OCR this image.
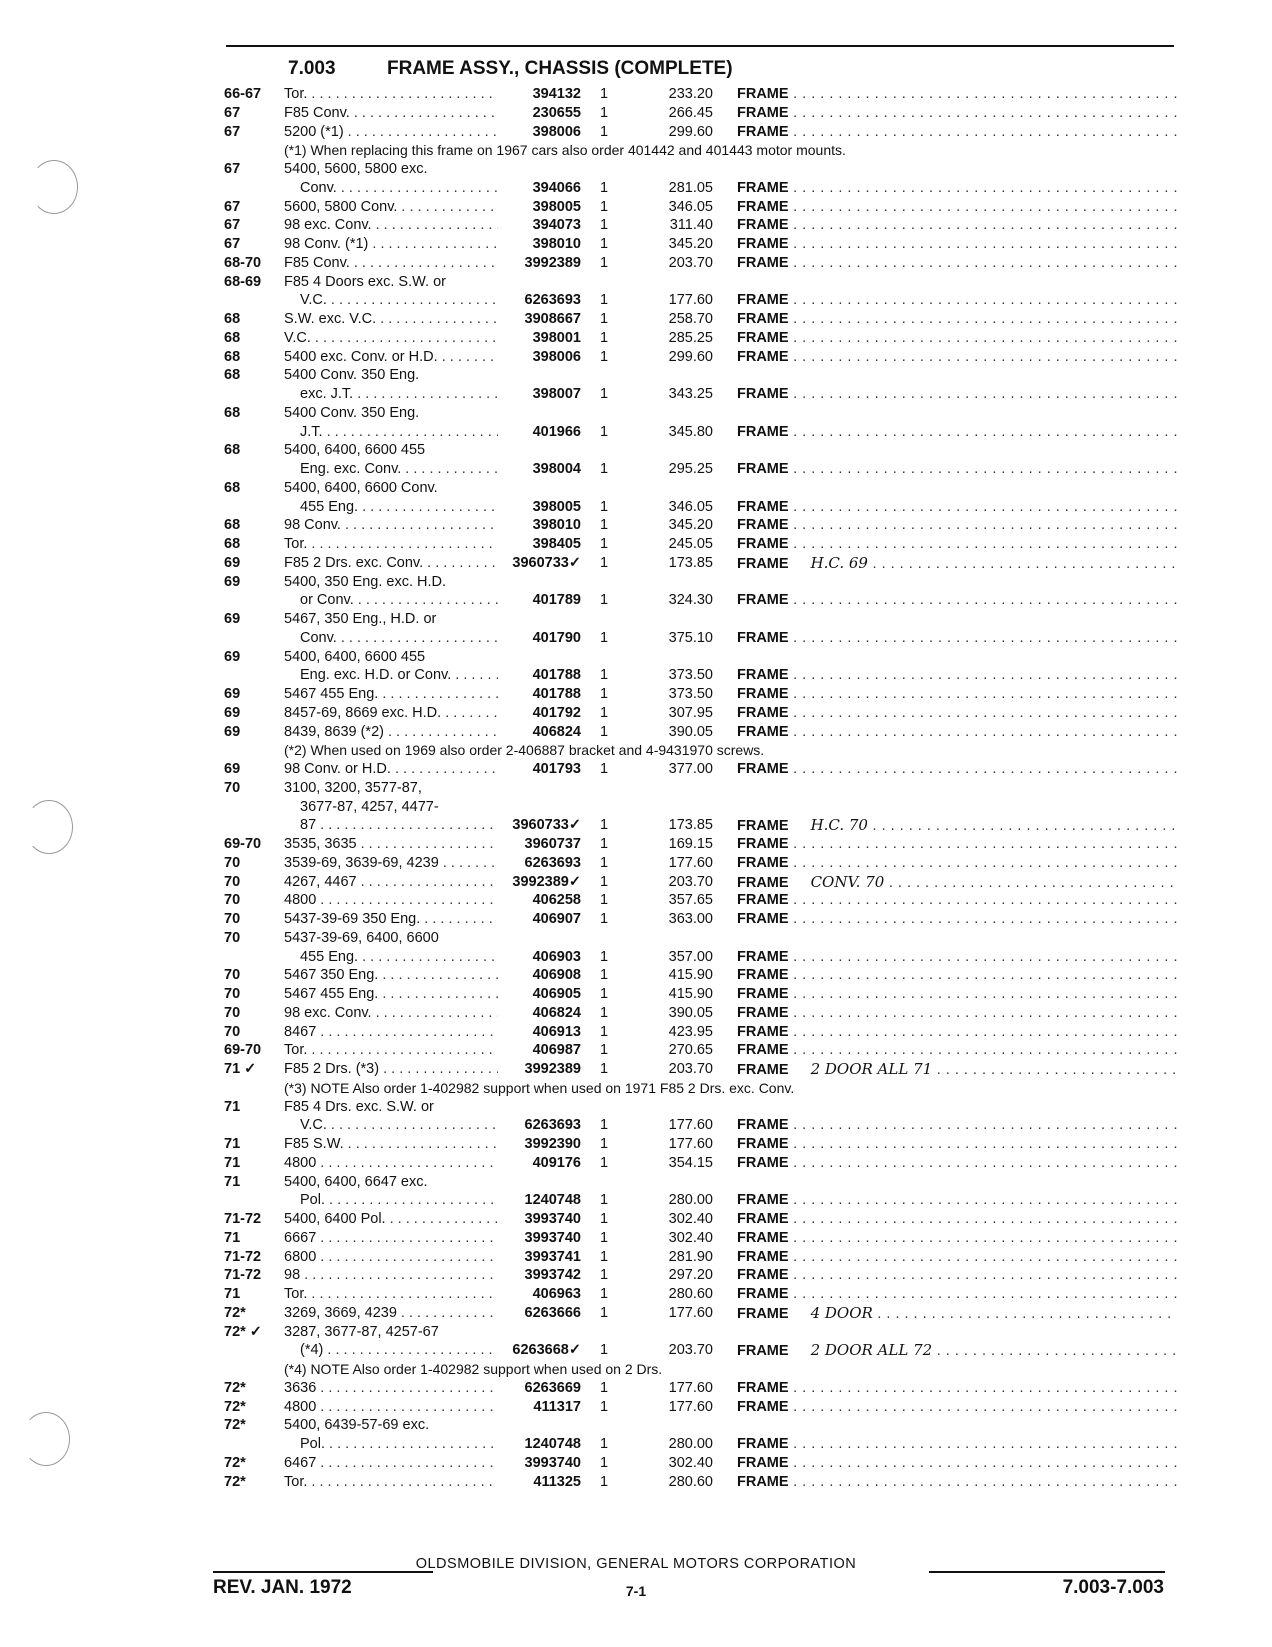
7.003	FRAME ASSY., CHASSIS (COMPLETE)
66-67	Tor. . . .	394132 1	233.20 FRAME . . .
67	F85 Conv. . . .	230655 1	266.45 FRAME . . .
67	5200 (*1) . . .	398006 1	299.60 FRAME . . .
(*1) When replacing this frame on 1967 cars also order 401442 and 401443 motor mounts.
67	5400, 5600, 5800 exc.
Conv. . . .	394066 1	281.05 FRAME . . .
67	5600, 5800 Conv. . . .	398005 1	346.05 FRAME . . .
67	98 exc. Conv. . . .	394073 1	311.40 FRAME . . .
67	98 Conv. (*1) . . .	398010 1	345.20 FRAME . . .
68-70	F85 Conv. . . .	3992389 1	203.70 FRAME . . .
68-69	F85 4 Doors exc. S.W. or
V.C. . . .	6263693 1	177.60 FRAME . . .
68	S.W. exc. V.C. . . .	3908667 1	258.70 FRAME . . .
68	V.C. . . .	398001 1	285.25 FRAME . . .
68	5400 exc. Conv. or H.D. . . .	398006 1	299.60 FRAME . . .
68	5400 Conv. 350 Eng.
exc. J.T. . . .	398007 1	343.25 FRAME . . .
68	5400 Conv. 350 Eng.
J.T. . . .	401966 1	345.80 FRAME . . .
68	5400, 6400, 6600 455
Eng. exc. Conv. . . .	398004 1	295.25 FRAME . . .
68	5400, 6400, 6600 Conv.
455 Eng. . . .	398005 1	346.05 FRAME . . .
68	98 Conv. . . .	398010 1	345.20 FRAME . . .
68	Tor. . . .	398405 1	245.05 FRAME . . .
69	F85 2 Drs. exc. Conv. . . .	3960733✓ 1	173.85 FRAME H.C. 69 . . .
69	5400, 350 Eng. exc. H.D.
or Conv. . . .	401789 1	324.30 FRAME . . .
69	5467, 350 Eng., H.D. or
Conv. . . .	401790 1	375.10 FRAME . . .
69	5400, 6400, 6600 455
Eng. exc. H.D. or Conv. . . .	401788 1	373.50 FRAME . . .
69	5467 455 Eng. . . .	401788 1	373.50 FRAME . . .
69	8457-69, 8669 exc. H.D. . . .	401792 1	307.95 FRAME . . .
69	8439, 8639 (*2) . . .	406824 1	390.05 FRAME . . .
(*2) When used on 1969 also order 2-406887 bracket and 4-9431970 screws.
69	98 Conv. or H.D. . . .	401793 1	377.00 FRAME . . .
70	3100, 3200, 3577-87,
3677-87, 4257, 4477-
87 . . .	3960733✓ 1	173.85 FRAME H.C. 70 . . .
69-70	3535, 3635 . . .	3960737 1	169.15 FRAME . . .
70	3539-69, 3639-69, 4239 . . .	6263693 1	177.60 FRAME . . .
70	4267, 4467 . . .	3992389✓ 1	203.70 FRAME CONV. 70 . . .
70	4800 . . .	406258 1	357.65 FRAME . . .
70	5437-39-69 350 Eng. . . .	406907 1	363.00 FRAME . . .
70	5437-39-69, 6400, 6600
455 Eng. . . .	406903 1	357.00 FRAME . . .
70	5467 350 Eng. . . .	406908 1	415.90 FRAME . . .
70	5467 455 Eng. . . .	406905 1	415.90 FRAME . . .
70	98 exc. Conv. . . .	406824 1	390.05 FRAME . . .
70	8467 . . .	406913 1	423.95 FRAME . . .
69-70	Tor. . . .	406987 1	270.65 FRAME . . .
71 ✓	F85 2 Drs. (*3) . . .	3992389 1	203.70 FRAME 2 DOOR ALL 71 . . .
(*3) NOTE Also order 1-402982 support when used on 1971 F85 2 Drs. exc. Conv.
71	F85 4 Drs. exc. S.W. or
V.C. . . .	6263693 1	177.60 FRAME . . .
71	F85 S.W. . . .	3992390 1	177.60 FRAME . . .
71	4800 . . .	409176 1	354.15 FRAME . . .
71	5400, 6400, 6647 exc.
Pol. . . .	1240748 1	280.00 FRAME . . .
71-72	5400, 6400 Pol. . . .	3993740 1	302.40 FRAME . . .
71	6667 . . .	3993740 1	302.40 FRAME . . .
71-72	6800 . . .	3993741 1	281.90 FRAME . . .
71-72	98 . . .	3993742 1	297.20 FRAME . . .
71	Tor. . . .	406963 1	280.60 FRAME . . .
72*	3269, 3669, 4239 . . .	6263666 1	177.60 FRAME 4 DOOR . . .
72* ✓	3287, 3677-87, 4257-67
(*4) . . .	6263668✓ 1	203.70 FRAME 2 DOOR ALL 72 . . .
(*4) NOTE Also order 1-402982 support when used on 2 Drs.
72*	3636 . . .	6263669 1	177.60 FRAME . . .
72*	4800 . . .	411317 1	177.60 FRAME . . .
72*	5400, 6439-57-69 exc.
Pol. . . .	1240748 1	280.00 FRAME . . .
72*	6467 . . .	3993740 1	302.40 FRAME . . .
72*	Tor. . . .	411325 1	280.60 FRAME . . .
OLDSMOBILE DIVISION, GENERAL MOTORS CORPORATION
REV. JAN. 1972	7-1	7.003-7.003
